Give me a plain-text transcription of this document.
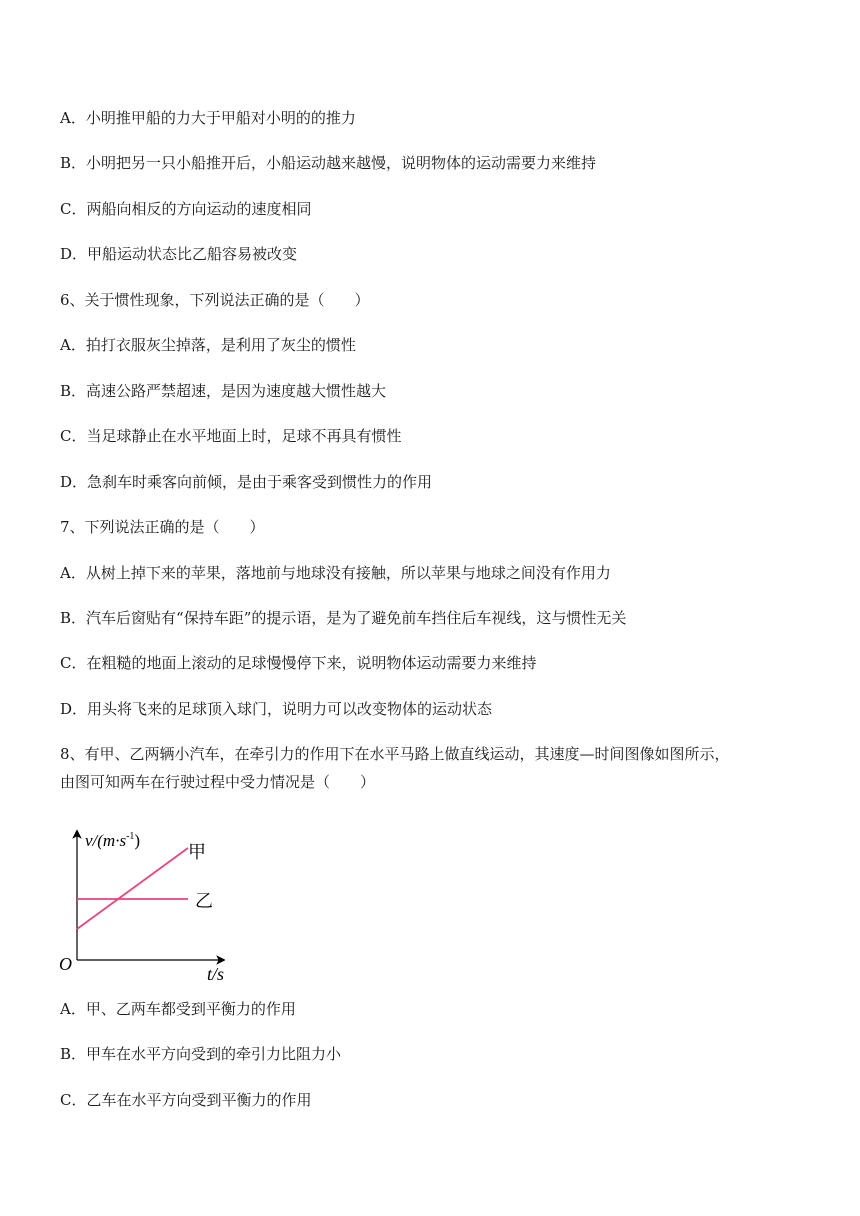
A．小明推甲船的力大于甲船对小明的的推力
B．小明把另一只小船推开后，小船运动越来越慢，说明物体的运动需要力来维持
C．两船向相反的方向运动的速度相同
D．甲船运动状态比乙船容易被改变
6、关于惯性现象，下列说法正确的是（　　）
A．拍打衣服灰尘掉落，是利用了灰尘的惯性
B．高速公路严禁超速，是因为速度越大惯性越大
C．当足球静止在水平地面上时，足球不再具有惯性
D．急刹车时乘客向前倾，是由于乘客受到惯性力的作用
7、下列说法正确的是（　　）
A．从树上掉下来的苹果，落地前与地球没有接触，所以苹果与地球之间没有作用力
B．汽车后窗贴有“保持车距”的提示语，是为了避免前车挡住后车视线，这与惯性无关
C．在粗糙的地面上滚动的足球慢慢停下来，说明物体运动需要力来维持
D．用头将飞来的足球顶入球门，说明力可以改变物体的运动状态
8、有甲、乙两辆小汽车，在牵引力的作用下在水平马路上做直线运动，其速度—时间图像如图所示，
由图可知两车在行驶过程中受力情况是（　　）
$v/(m\cdot s^{-1})$
O	t/s
甲
乙
A．甲、乙两车都受到平衡力的作用
B．甲车在水平方向受到的牵引力比阻力小
C．乙车在水平方向受到平衡力的作用
